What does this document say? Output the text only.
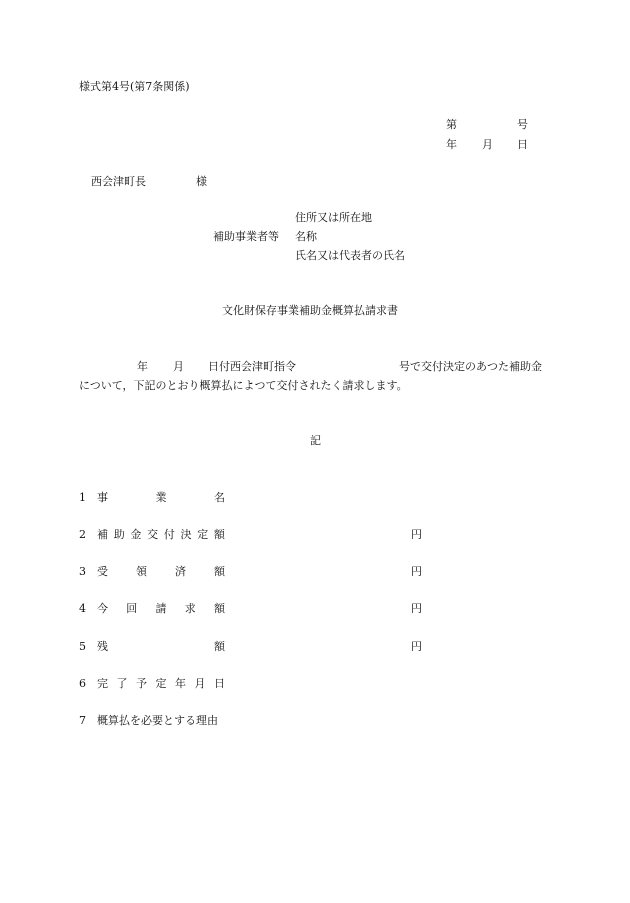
様式第4号(第7条関係)
第	号
年 月 日
西会津町長	様
住所又は所在地
補助事業者等 名称
氏名又は代表者の氏名
文化財保存事業補助金概算払請求書
年 月 日付西会津町指令	号で交付決定のあつた補助金
について，下記のとおり概算払によつて交付されたく請求します。
記
1 事	業	名
2 補 助 金 交 付 決 定 額	円
3 受	領	済	額	円
4 今 回 請 求 額	円
5 残	額	円
6 完 了 予 定 年 月 日
7 概算払を必要とする理由
